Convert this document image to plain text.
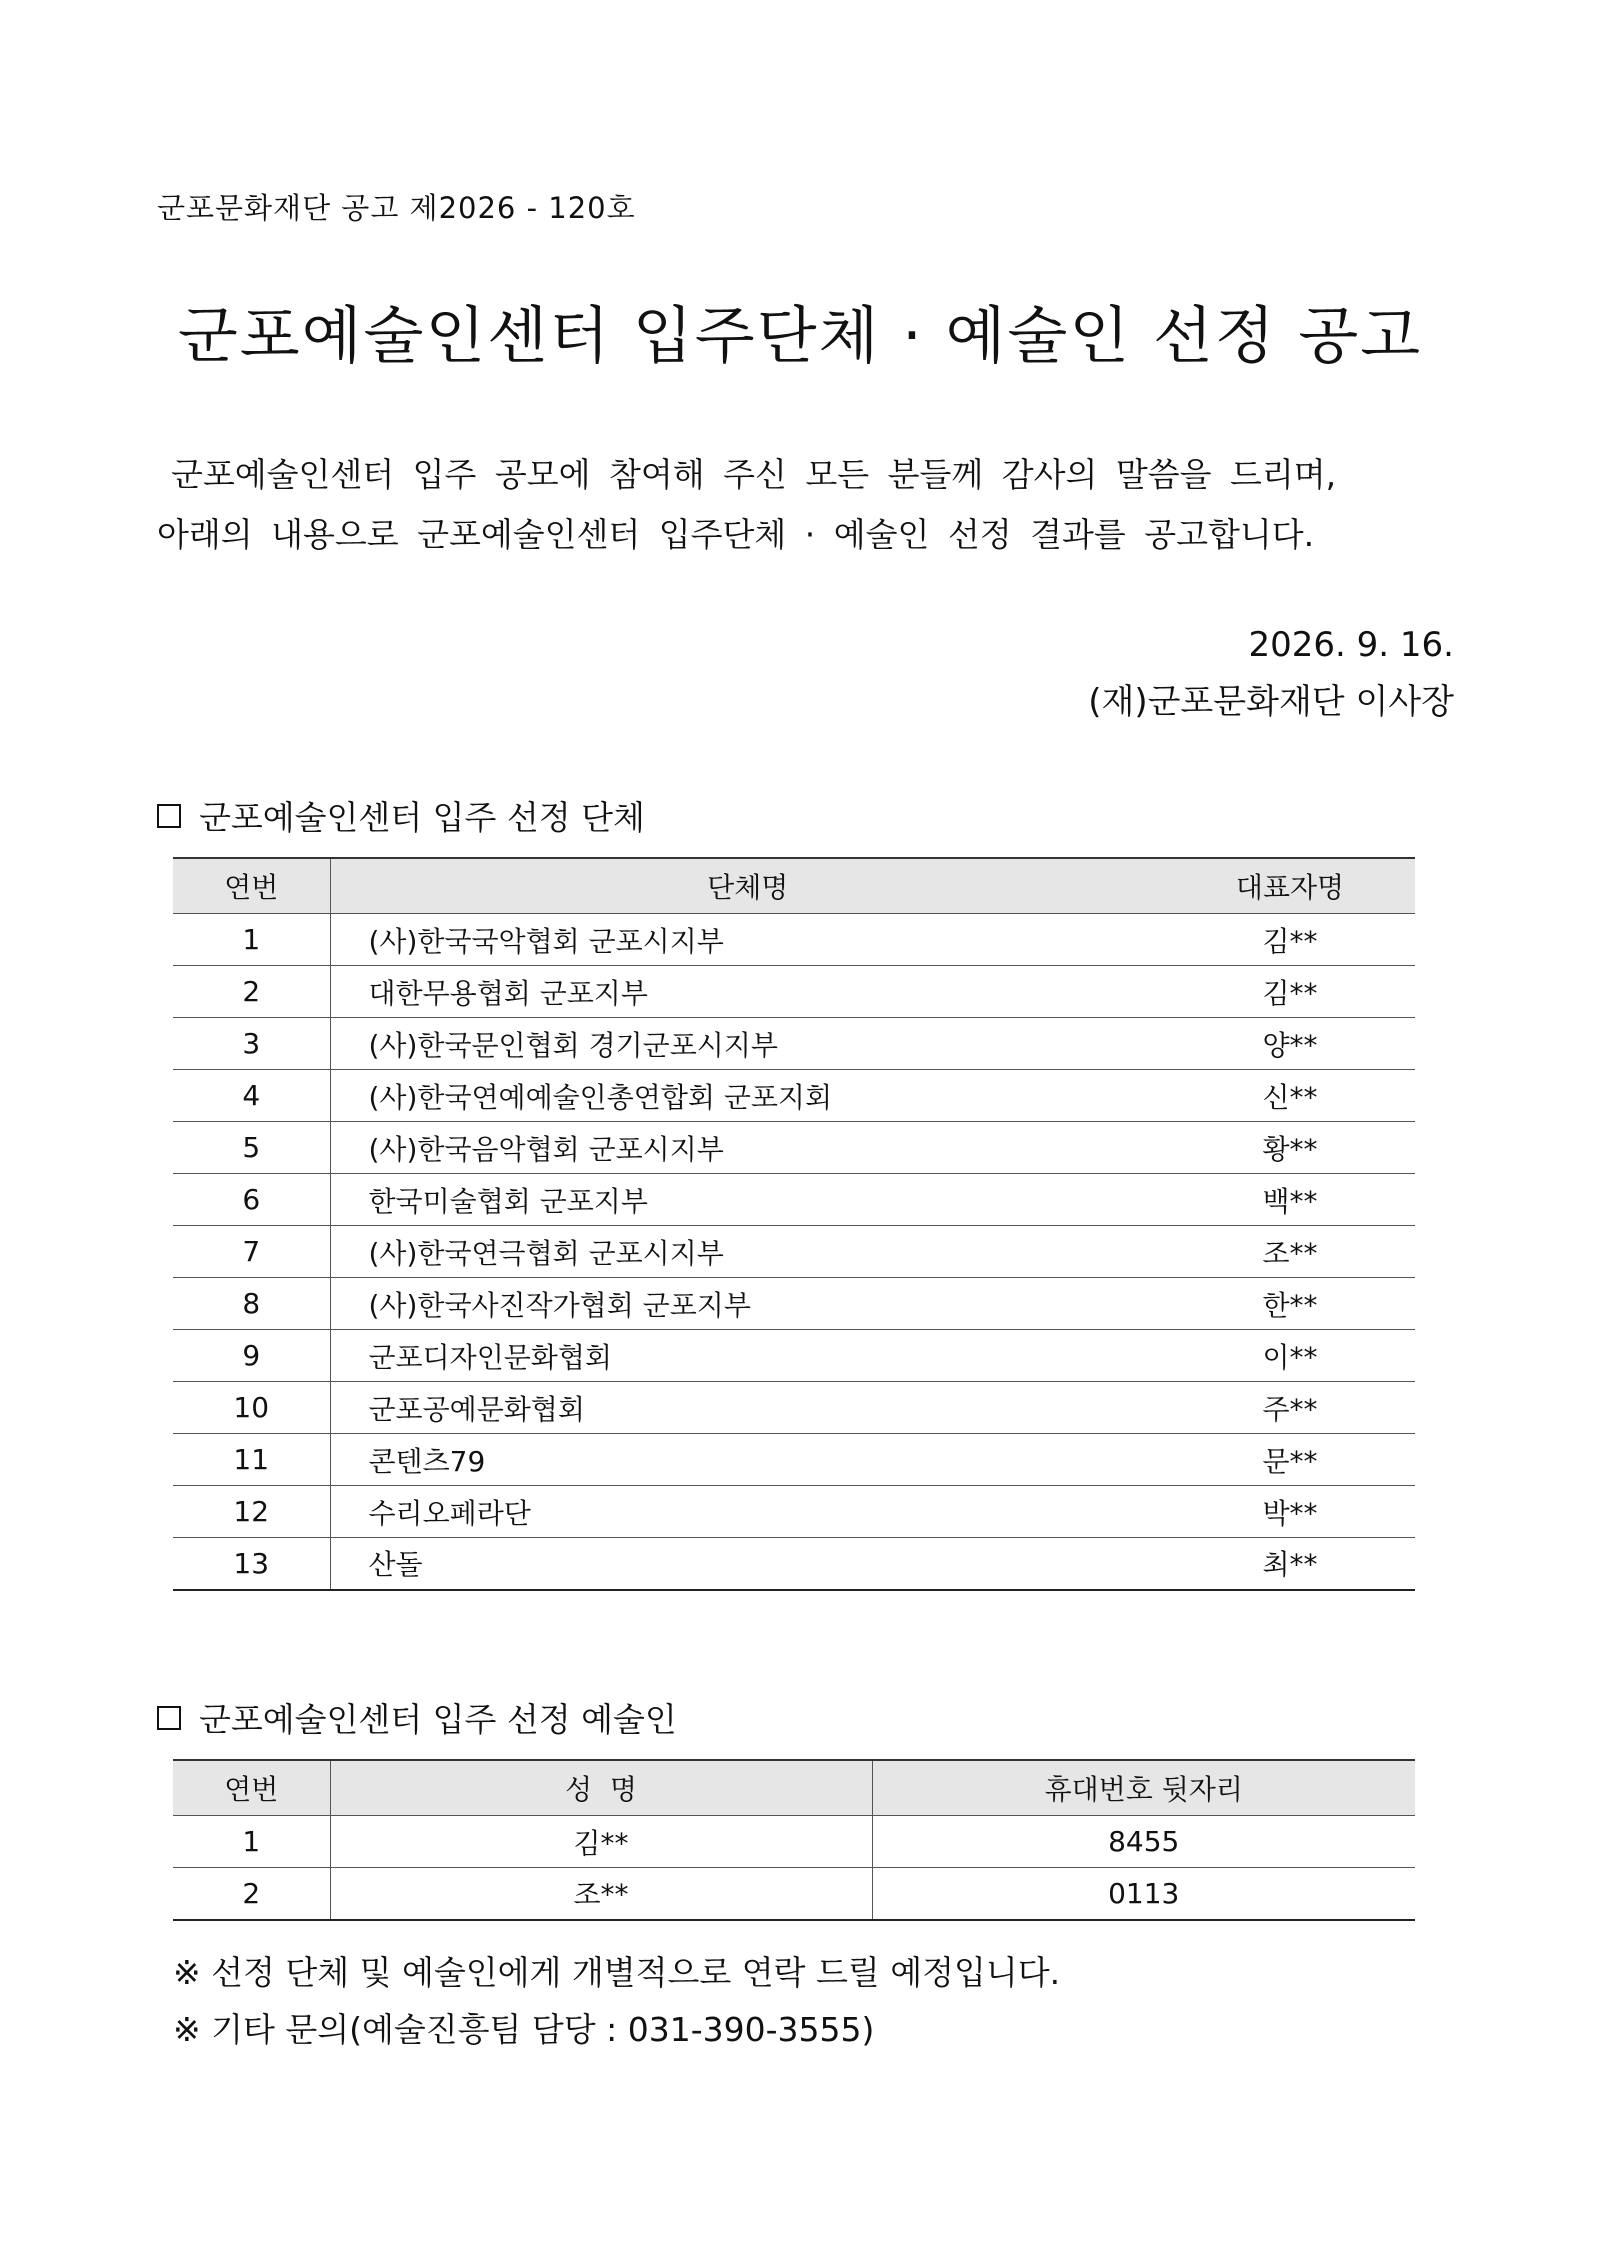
군포문화재단 공고 제2026 - 120호
군포예술인센터 입주단체 · 예술인 선정 공고

군포예술인센터 입주 공모에 참여해 주신 모든 분들께 감사의 말씀을 드리며,

아래의 내용으로 군포예술인센터 입주단체 · 예술인 선정 결과를 공고합니다.

2026. 9. 16.
(재)군포문화재단 이사장
군포예술인센터 입주 선정 단체
연번	단체명	대표자명
1	(사)한국국악협회 군포시지부	김**
2	대한무용협회 군포지부	김**
3	(사)한국문인협회 경기군포시지부	양**
4	(사)한국연예예술인총연합회 군포지회	신**
5	(사)한국음악협회 군포시지부	황**
6	한국미술협회 군포지부	백**
7	(사)한국연극협회 군포시지부	조**
8	(사)한국사진작가협회 군포지부	한**
9	군포디자인문화협회	이**
10	군포공예문화협회	주**
11	콘텐츠79	문**
12	수리오페라단	박**
13	산돌	최**
군포예술인센터 입주 선정 예술인
연번	성  명	휴대번호 뒷자리
1	김**	8455
2	조**	0113
※ 선정 단체 및 예술인에게 개별적으로 연락 드릴 예정입니다.
※ 기타 문의(예술진흥팀 담당 : 031-390-3555)
